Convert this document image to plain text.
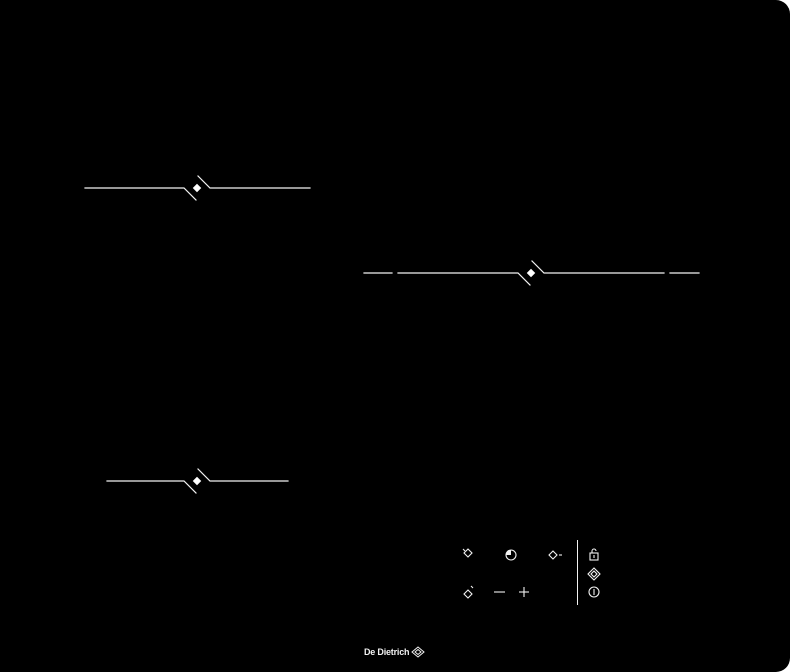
De Dietrich
